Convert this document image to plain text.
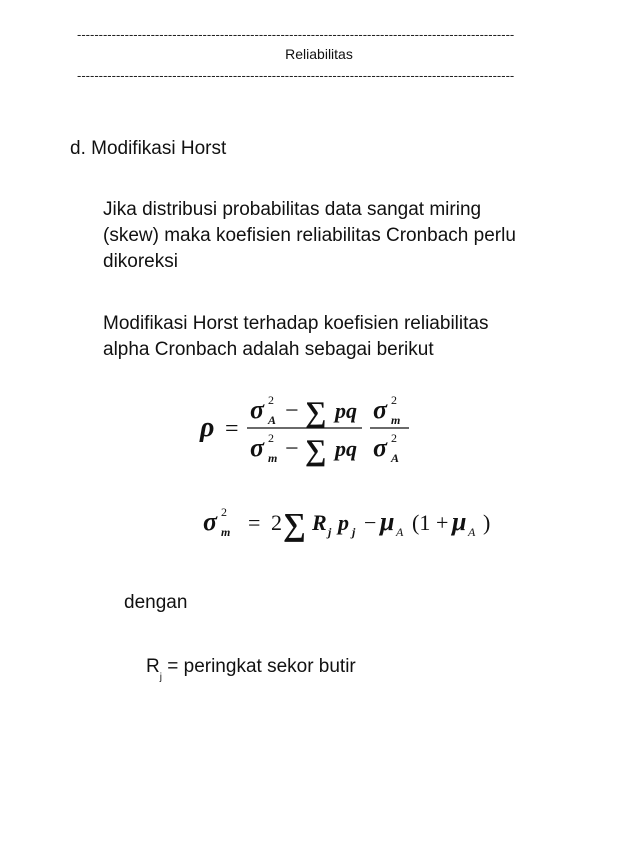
-----------------------------------------------------------------------------------------------------
Reliabilitas
-----------------------------------------------------------------------------------------------------
d. Modifikasi Horst
Jika distribusi probabilitas data sangat miring
(skew) maka koefisien reliabilitas Cronbach perlu
dikoreksi
Modifikasi Horst terhadap koefisien reliabilitas
alpha Cronbach adalah sebagai berikut
ρ =
σ 2
A − ∑ pq
σ 2
m − ∑ pq
σ 2
m
σ 2
A
σ 2
m = 2 ∑ R j p j − μ A (1 + μ A )
dengan
$R_j$ = peringkat sekor butir
